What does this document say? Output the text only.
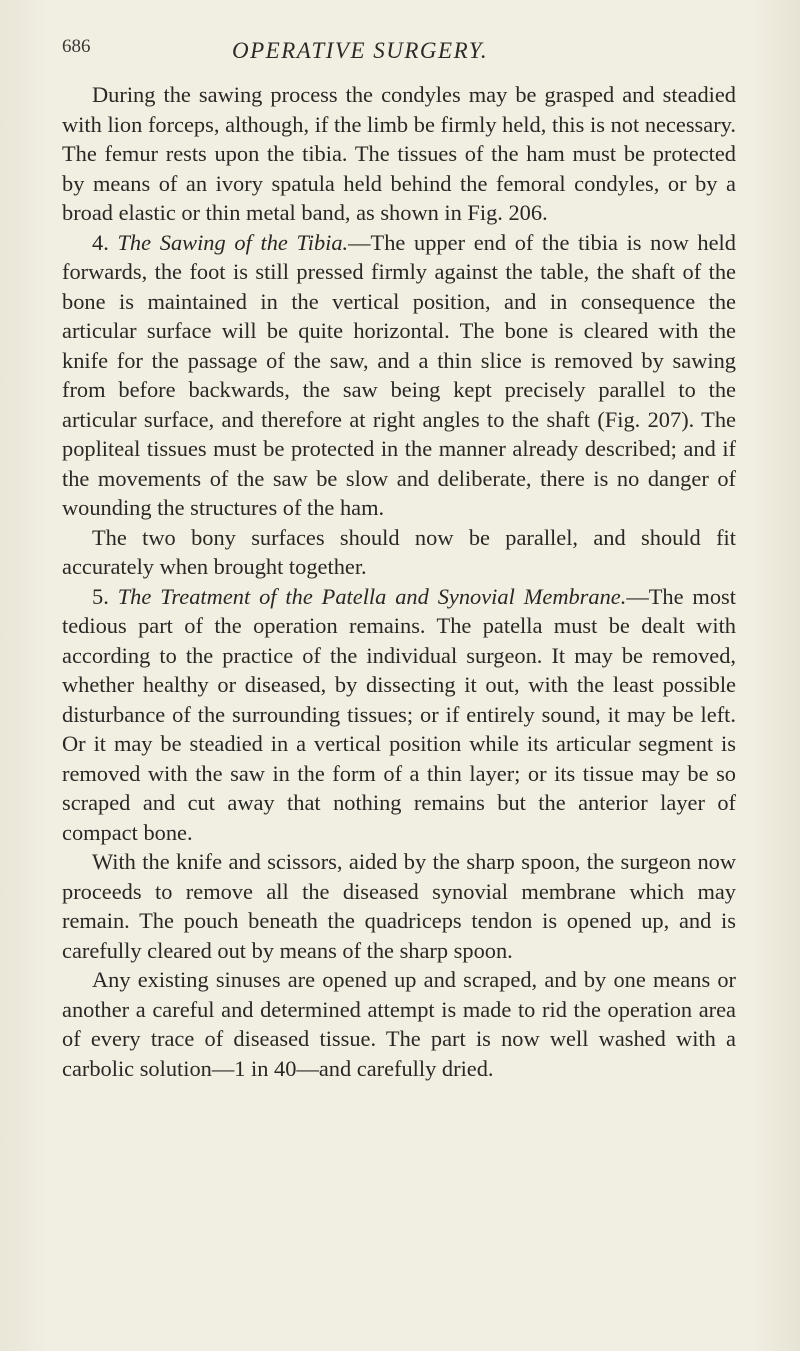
686	OPERATIVE SURGERY.

During the sawing process the condyles may be grasped and steadied with lion forceps, although, if the limb be firmly held, this is not necessary. The femur rests upon the tibia. The tissues of the ham must be protected by means of an ivory spatula held behind the femoral condyles, or by a broad elastic or thin metal band, as shown in Fig. 206.

4. The Sawing of the Tibia.—The upper end of the tibia is now held forwards, the foot is still pressed firmly against the table, the shaft of the bone is maintained in the vertical position, and in consequence the articular surface will be quite horizontal. The bone is cleared with the knife for the passage of the saw, and a thin slice is removed by sawing from before backwards, the saw being kept precisely parallel to the articular surface, and therefore at right angles to the shaft (Fig. 207). The popliteal tissues must be protected in the manner already described; and if the movements of the saw be slow and deliberate, there is no danger of wounding the structures of the ham.

The two bony surfaces should now be parallel, and should fit accurately when brought together.

5. The Treatment of the Patella and Synovial Membrane.—The most tedious part of the operation remains. The patella must be dealt with according to the practice of the individual surgeon. It may be removed, whether healthy or diseased, by dissecting it out, with the least possible disturbance of the surrounding tissues; or if entirely sound, it may be left. Or it may be steadied in a vertical position while its articular segment is removed with the saw in the form of a thin layer; or its tissue may be so scraped and cut away that nothing remains but the anterior layer of compact bone.

With the knife and scissors, aided by the sharp spoon, the surgeon now proceeds to remove all the diseased synovial membrane which may remain. The pouch beneath the quadriceps tendon is opened up, and is carefully cleared out by means of the sharp spoon.

Any existing sinuses are opened up and scraped, and by one means or another a careful and determined attempt is made to rid the operation area of every trace of diseased tissue. The part is now well washed with a carbolic solution—1 in 40—and carefully dried.
